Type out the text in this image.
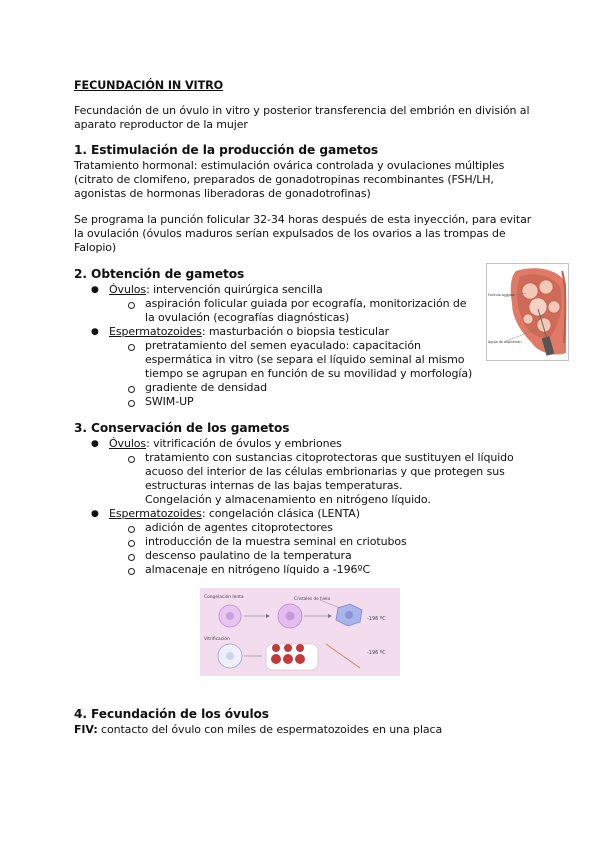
FECUNDACIÓN IN VITRO
Fecundación de un óvulo in vitro y posterior transferencia del embrión en división al
aparato reproductor de la mujer
1. Estimulación de la producción de gametos
Tratamiento hormonal: estimulación ovárica controlada y ovulaciones múltiples
(citrato de clomifeno, preparados de gonadotropinas recombinantes (FSH/LH,
agonistas de hormonas liberadoras de gonadotrofinas)
Se programa la punción folicular 32-34 horas después de esta inyección, para evitar
la ovulación (óvulos maduros serían expulsados de los ovarios a las trompas de
Falopio)
2. Obtención de gametos
● Óvulos: intervención quirúrgica sencilla
aspiración folicular guiada por ecografía, monitorización de
la ovulación (ecografías diagnósticas)
● Espermatozoides: masturbación o biopsia testicular
pretratamiento del semen eyaculado: capacitación
espermática in vitro (se separa el líquido seminal al mismo
tiempo se agrupan en función de su movilidad y morfología)
gradiente de densidad
SWIM-UP
Folículo ovárico
Aguja de aspiración
3. Conservación de los gametos
● Óvulos: vitrificación de óvulos y embriones
tratamiento con sustancias citoprotectoras que sustituyen el líquido
acuoso del interior de las células embrionarias y que protegen sus
estructuras internas de las bajas temperaturas.
Congelación y almacenamiento en nitrógeno líquido.
● Espermatozoides: congelación clásica (LENTA)
adición de agentes citoprotectores
introducción de la muestra seminal en criotubos
descenso paulatino de la temperatura
almacenaje en nitrógeno líquido a -196ºC
Congelación lenta	Cristales de hielo
-196 ºC
Vitrificación
-196 ºC
4. Fecundación de los óvulos
FIV: contacto del óvulo con miles de espermatozoides en una placa
